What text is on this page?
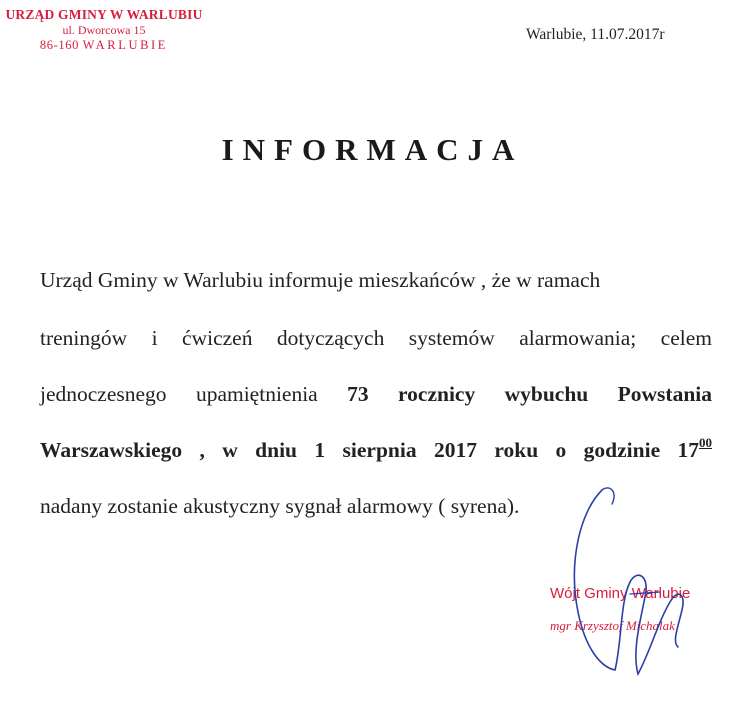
URZĄD GMINY W WARLUBIU
ul. Dworcowa 15
86-160 WARLUBIE
Warlubie, 11.07.2017r
INFORMACJA
Urząd Gminy w Warlubiu informuje mieszkańców , że w ramach
treningów i ćwiczeń dotyczących systemów alarmowania; celem
jednoczesnego upamiętnienia 73 rocznicy wybuchu Powstania
Warszawskiego , w dniu 1 sierpnia 2017 roku o godzinie $17^{00}$
nadany zostanie akustyczny sygnał alarmowy ( syrena).
Wójt Gminy Warlubie
mgr Krzysztof Michalak
